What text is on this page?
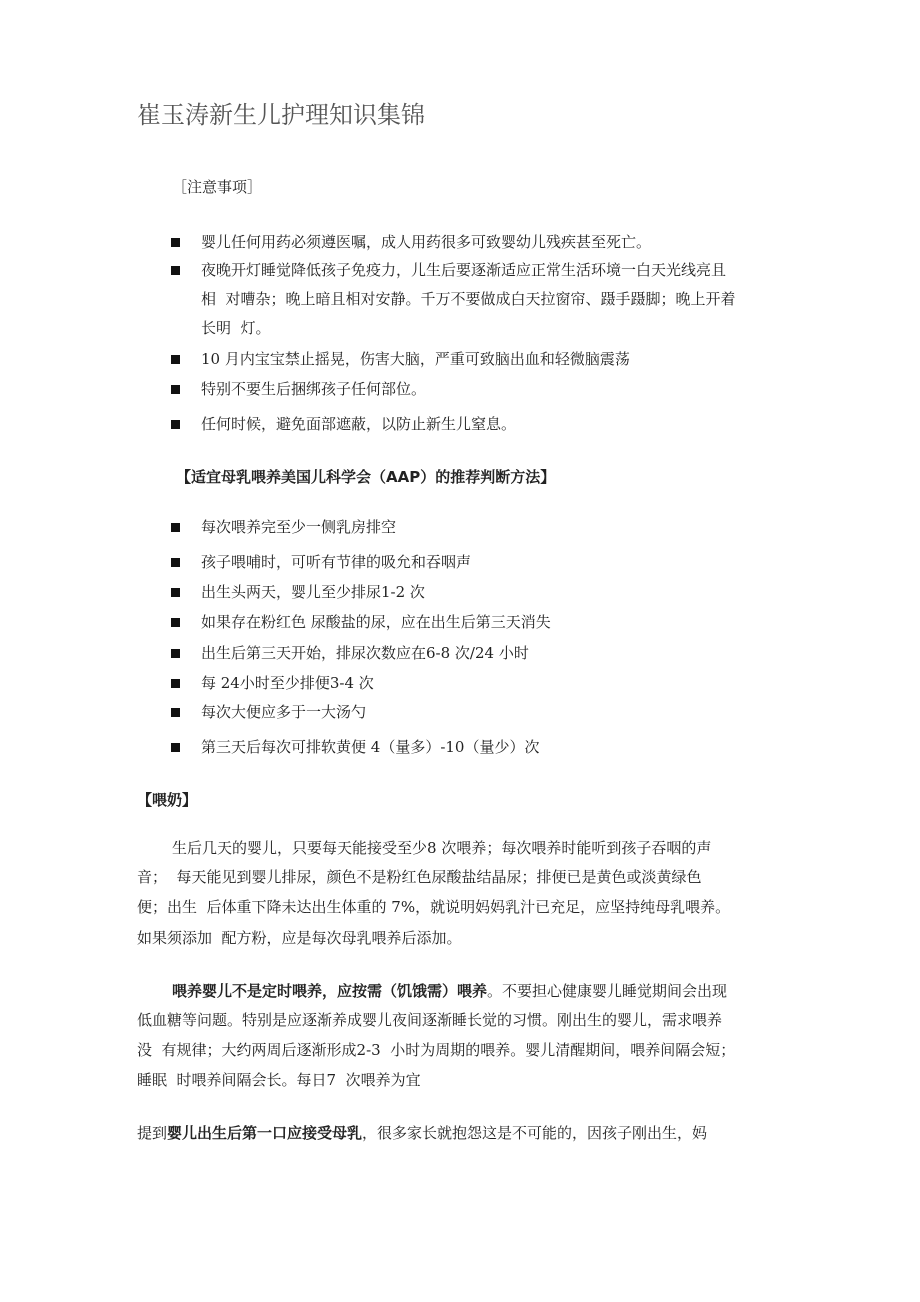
崔玉涛新生儿护理知识集锦
［注意事项］
婴儿任何用药必须遵医嘱，成人用药很多可致婴幼儿残疾甚至死亡。
夜晚开灯睡觉降低孩子免疫力，儿生后要逐渐适应正常生活环境一白天光线亮且
相  对嘈杂；晚上暗且相对安静。千万不要做成白天拉窗帘、蹑手蹑脚；晚上开着
长明  灯。
10 月内宝宝禁止摇晃，伤害大脑，严重可致脑出血和轻微脑震荡
特别不要生后捆绑孩子任何部位。
任何时候，避免面部遮蔽，以防止新生儿窒息。
【适宜母乳喂养美国儿科学会（AAP）的推荐判断方法】
每次喂养完至少一侧乳房排空
孩子喂哺时，可听有节律的吸允和吞咽声
出生头两天，婴儿至少排尿1-2 次
如果存在粉红色 尿酸盐的尿，应在出生后第三天消失
出生后第三天开始，排尿次数应在6-8 次/24 小时
每 24小时至少排便3-4 次
每次大便应多于一大汤勺
第三天后每次可排软黄便 4（量多）-10（量少）次
【喂奶】
生后几天的婴儿，只要每天能接受至少8 次喂养；每次喂养时能听到孩子吞咽的声
音；  每天能见到婴儿排尿，颜色不是粉红色尿酸盐结晶尿；排便已是黄色或淡黄绿色
便；出生  后体重下降未达出生体重的 7%，就说明妈妈乳汁已充足，应坚持纯母乳喂养。
如果须添加  配方粉，应是每次母乳喂养后添加。
喂养婴儿不是定时喂养，应按需（饥饿需）喂养。不要担心健康婴儿睡觉期间会出现
低血糖等问题。特别是应逐渐养成婴儿夜间逐渐睡长觉的习惯。刚出生的婴儿，需求喂养
没  有规律；大约两周后逐渐形成2-3  小时为周期的喂养。婴儿清醒期间，喂养间隔会短；
睡眠  时喂养间隔会长。每日7  次喂养为宜
提到婴儿出生后第一口应接受母乳，很多家长就抱怨这是不可能的，因孩子刚出生，妈
